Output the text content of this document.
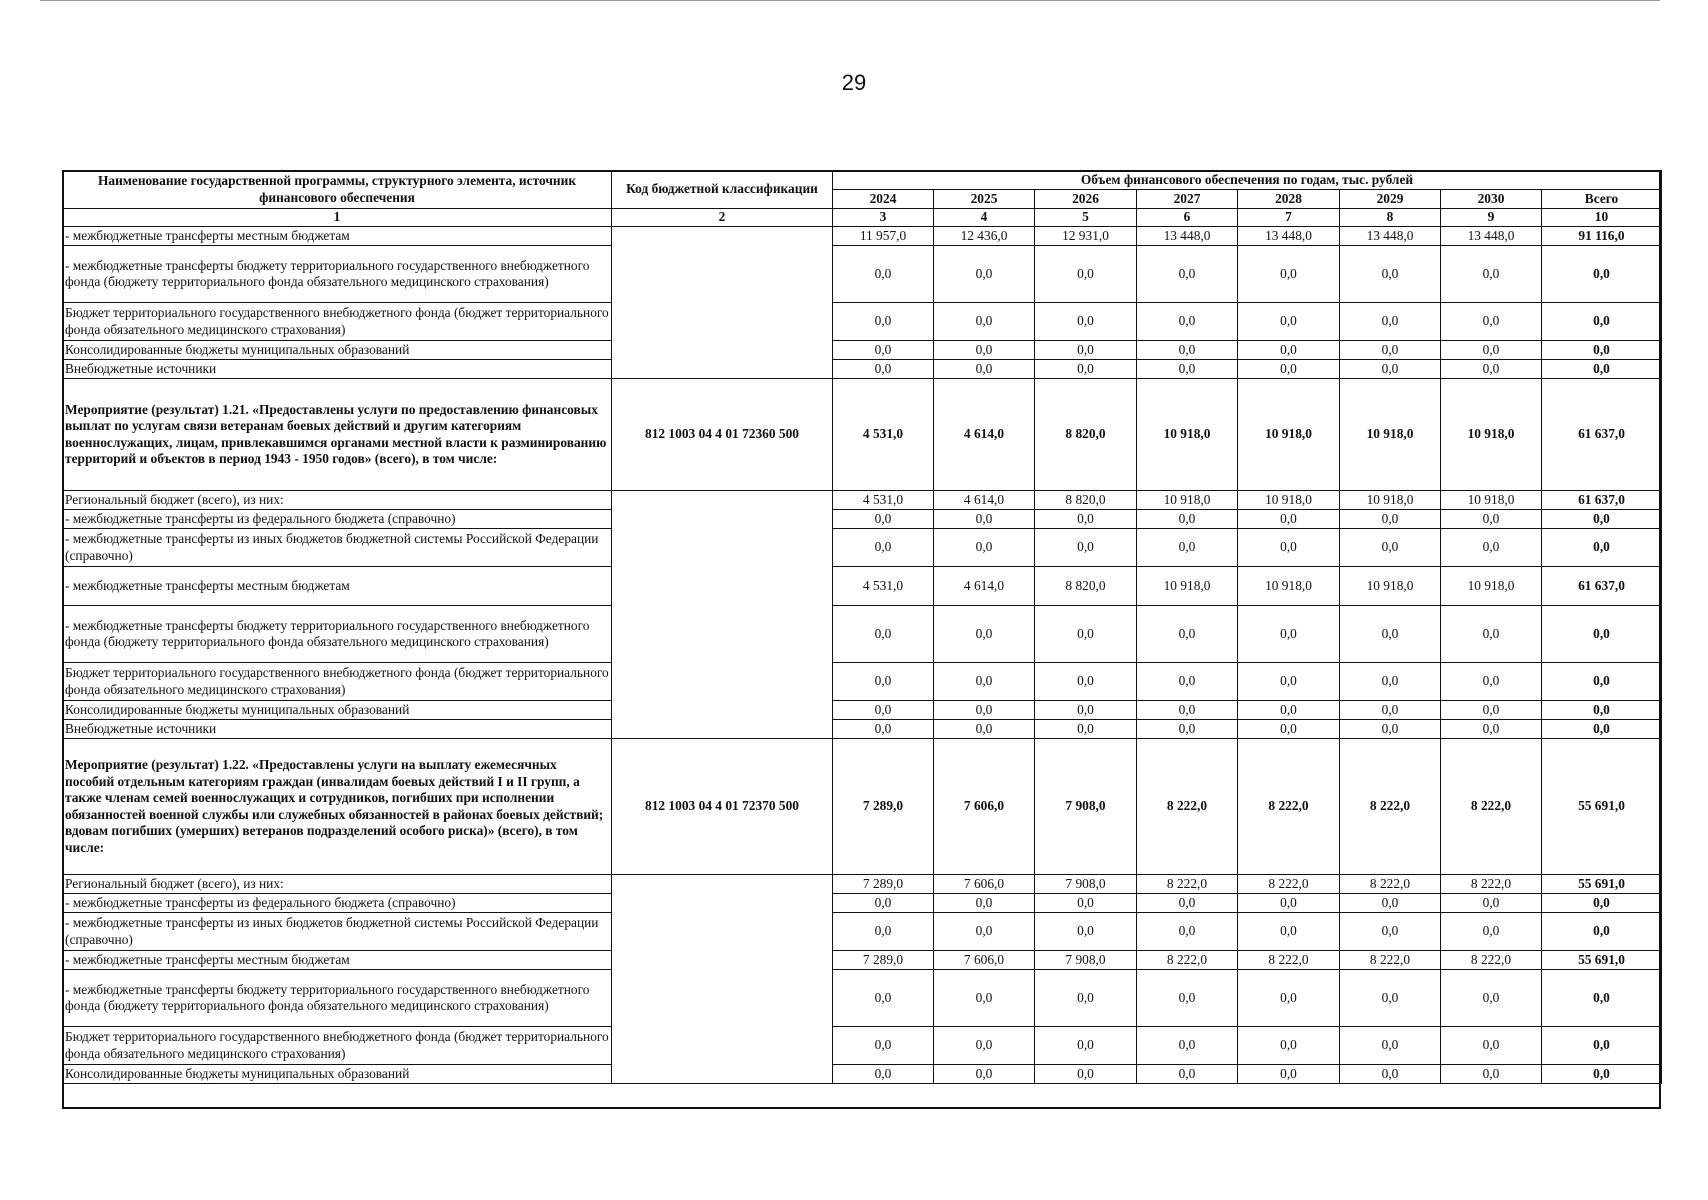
29
Наименование государственной программы, структурного элемента, источник финансового обеспечения	Код бюджетной классификации	Объем финансового обеспечения по годам, тыс. рублей							
		2024	2025	2026	2027	2028	2029	2030	Всего
1	2	3	4	5	6	7	8	9	10
- межбюджетные трансферты местным бюджетам		11 957,0	12 436,0	12 931,0	13 448,0	13 448,0	13 448,0	13 448,0	91 116,0
- межбюджетные трансферты бюджету территориального государственного внебюджетного фонда (бюджету территориального фонда обязательного медицинского страхования)		0,0	0,0	0,0	0,0	0,0	0,0	0,0	0,0
Бюджет территориального государственного внебюджетного фонда (бюджет территориального фонда обязательного медицинского страхования)		0,0	0,0	0,0	0,0	0,0	0,0	0,0	0,0
Консолидированные бюджеты муниципальных образований		0,0	0,0	0,0	0,0	0,0	0,0	0,0	0,0
Внебюджетные источники		0,0	0,0	0,0	0,0	0,0	0,0	0,0	0,0
Мероприятие (результат) 1.21. «Предоставлены услуги по предоставлению финансовых выплат по услугам связи ветеранам боевых действий и другим категориям военнослужащих, лицам, привлекавшимся органами местной власти к разминированию территорий и объектов в период 1943 - 1950 годов» (всего), в том числе:	812 1003 04 4 01 72360 500	4 531,0	4 614,0	8 820,0	10 918,0	10 918,0	10 918,0	10 918,0	61 637,0
Региональный бюджет (всего), из них:		4 531,0	4 614,0	8 820,0	10 918,0	10 918,0	10 918,0	10 918,0	61 637,0
- межбюджетные трансферты из федерального бюджета (справочно)		0,0	0,0	0,0	0,0	0,0	0,0	0,0	0,0
- межбюджетные трансферты из иных бюджетов бюджетной системы Российской Федерации (справочно)		0,0	0,0	0,0	0,0	0,0	0,0	0,0	0,0
- межбюджетные трансферты местным бюджетам		4 531,0	4 614,0	8 820,0	10 918,0	10 918,0	10 918,0	10 918,0	61 637,0
- межбюджетные трансферты бюджету территориального государственного внебюджетного фонда (бюджету территориального фонда обязательного медицинского страхования)		0,0	0,0	0,0	0,0	0,0	0,0	0,0	0,0
Бюджет территориального государственного внебюджетного фонда (бюджет территориального фонда обязательного медицинского страхования)		0,0	0,0	0,0	0,0	0,0	0,0	0,0	0,0
Консолидированные бюджеты муниципальных образований		0,0	0,0	0,0	0,0	0,0	0,0	0,0	0,0
Внебюджетные источники		0,0	0,0	0,0	0,0	0,0	0,0	0,0	0,0
Мероприятие (результат) 1.22. «Предоставлены услуги на выплату ежемесячных пособий отдельным категориям граждан (инвалидам боевых действий I и II групп, а также членам семей военнослужащих и сотрудников, погибших при исполнении обязанностей военной службы или служебных обязанностей в районах боевых действий; вдовам погибших (умерших) ветеранов подразделений особого риска)» (всего), в том числе:	812 1003 04 4 01 72370 500	7 289,0	7 606,0	7 908,0	8 222,0	8 222,0	8 222,0	8 222,0	55 691,0
Региональный бюджет (всего), из них:		7 289,0	7 606,0	7 908,0	8 222,0	8 222,0	8 222,0	8 222,0	55 691,0
- межбюджетные трансферты из федерального бюджета (справочно)		0,0	0,0	0,0	0,0	0,0	0,0	0,0	0,0
- межбюджетные трансферты из иных бюджетов бюджетной системы Российской Федерации (справочно)		0,0	0,0	0,0	0,0	0,0	0,0	0,0	0,0
- межбюджетные трансферты местным бюджетам		7 289,0	7 606,0	7 908,0	8 222,0	8 222,0	8 222,0	8 222,0	55 691,0
- межбюджетные трансферты бюджету территориального государственного внебюджетного фонда (бюджету территориального фонда обязательного медицинского страхования)		0,0	0,0	0,0	0,0	0,0	0,0	0,0	0,0
Бюджет территориального государственного внебюджетного фонда (бюджет территориального фонда обязательного медицинского страхования)		0,0	0,0	0,0	0,0	0,0	0,0	0,0	0,0
Консолидированные бюджеты муниципальных образований		0,0	0,0	0,0	0,0	0,0	0,0	0,0	0,0
